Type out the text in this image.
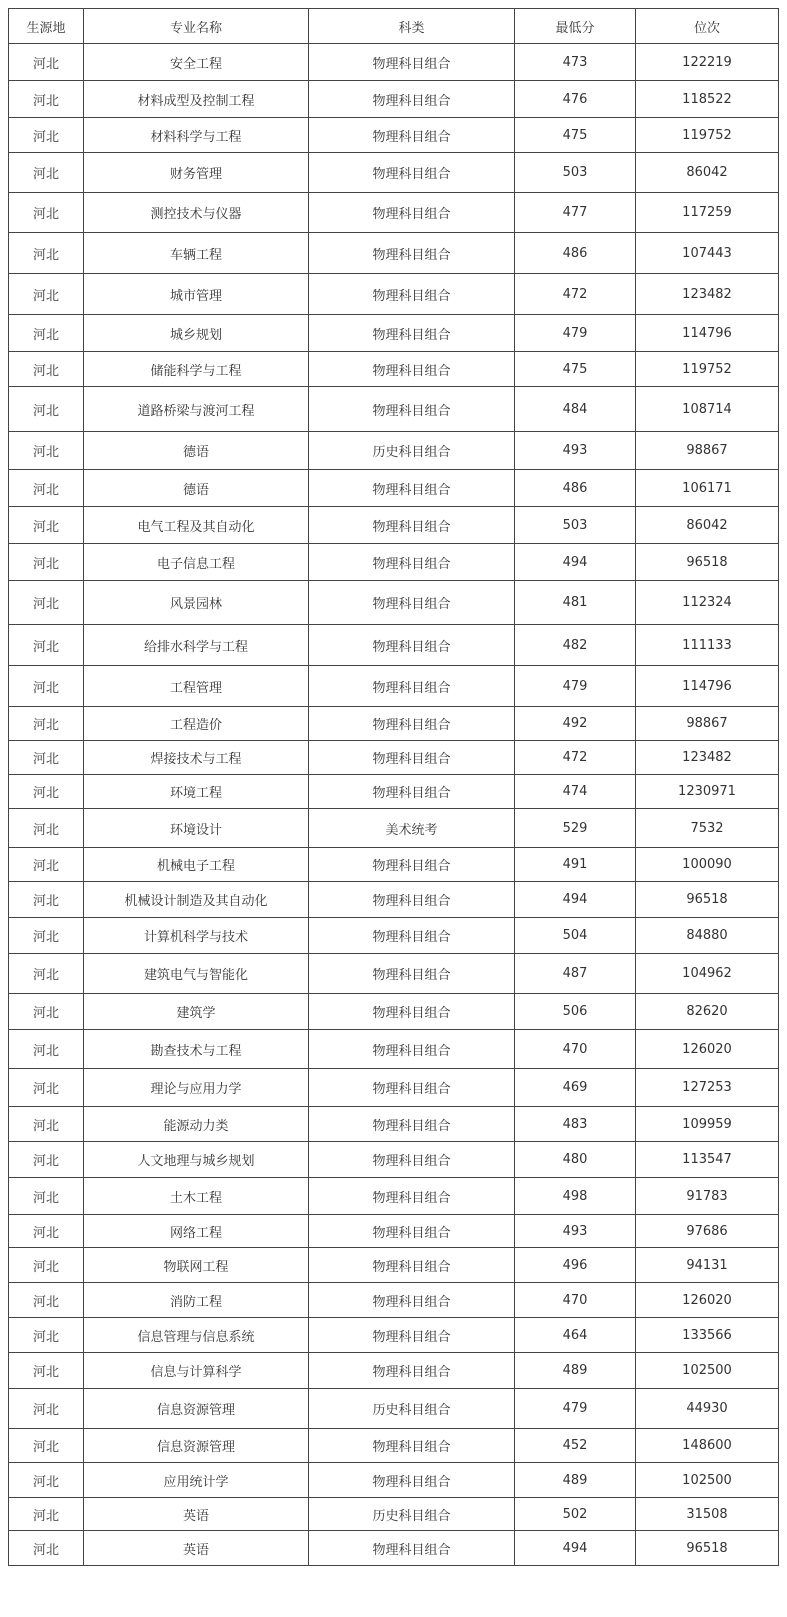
生源地	专业名称	科类	最低分	位次
河北	安全工程	物理科目组合	473	122219
河北	材料成型及控制工程	物理科目组合	476	118522
河北	材料科学与工程	物理科目组合	475	119752
河北	财务管理	物理科目组合	503	86042
河北	测控技术与仪器	物理科目组合	477	117259
河北	车辆工程	物理科目组合	486	107443
河北	城市管理	物理科目组合	472	123482
河北	城乡规划	物理科目组合	479	114796
河北	储能科学与工程	物理科目组合	475	119752
河北	道路桥梁与渡河工程	物理科目组合	484	108714
河北	德语	历史科目组合	493	98867
河北	德语	物理科目组合	486	106171
河北	电气工程及其自动化	物理科目组合	503	86042
河北	电子信息工程	物理科目组合	494	96518
河北	风景园林	物理科目组合	481	112324
河北	给排水科学与工程	物理科目组合	482	111133
河北	工程管理	物理科目组合	479	114796
河北	工程造价	物理科目组合	492	98867
河北	焊接技术与工程	物理科目组合	472	123482
河北	环境工程	物理科目组合	474	1230971
河北	环境设计	美术统考	529	7532
河北	机械电子工程	物理科目组合	491	100090
河北	机械设计制造及其自动化	物理科目组合	494	96518
河北	计算机科学与技术	物理科目组合	504	84880
河北	建筑电气与智能化	物理科目组合	487	104962
河北	建筑学	物理科目组合	506	82620
河北	勘查技术与工程	物理科目组合	470	126020
河北	理论与应用力学	物理科目组合	469	127253
河北	能源动力类	物理科目组合	483	109959
河北	人文地理与城乡规划	物理科目组合	480	113547
河北	土木工程	物理科目组合	498	91783
河北	网络工程	物理科目组合	493	97686
河北	物联网工程	物理科目组合	496	94131
河北	消防工程	物理科目组合	470	126020
河北	信息管理与信息系统	物理科目组合	464	133566
河北	信息与计算科学	物理科目组合	489	102500
河北	信息资源管理	历史科目组合	479	44930
河北	信息资源管理	物理科目组合	452	148600
河北	应用统计学	物理科目组合	489	102500
河北	英语	历史科目组合	502	31508
河北	英语	物理科目组合	494	96518
